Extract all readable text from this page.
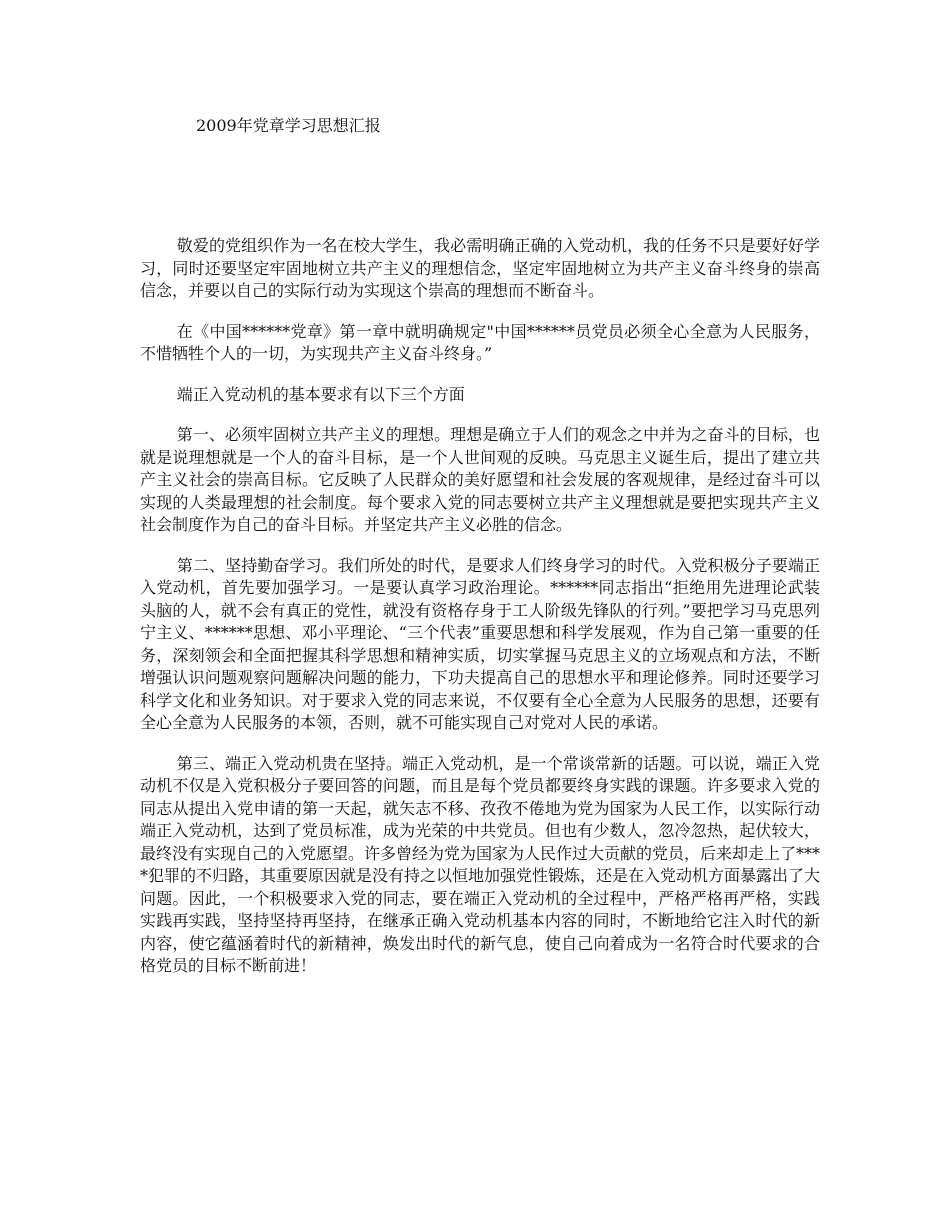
2009年党章学习思想汇报

敬爱的党组织作为一名在校大学生，我必需明确正确的入党动机，我的任务不只是要好好学习，同时还要坚定牢固地树立共产主义的理想信念，坚定牢固地树立为共产主义奋斗终身的崇高信念，并要以自己的实际行动为实现这个崇高的理想而不断奋斗。

在《中国******党章》第一章中就明确规定"中国******员党员必须全心全意为人民服务，不惜牺牲个人的一切，为实现共产主义奋斗终身。”

端正入党动机的基本要求有以下三个方面

第一、必须牢固树立共产主义的理想。理想是确立于人们的观念之中并为之奋斗的目标，也就是说理想就是一个人的奋斗目标，是一个人世间观的反映。马克思主义诞生后，提出了建立共产主义社会的崇高目标。它反映了人民群众的美好愿望和社会发展的客观规律，是经过奋斗可以实现的人类最理想的社会制度。每个要求入党的同志要树立共产主义理想就是要把实现共产主义社会制度作为自己的奋斗目标。并坚定共产主义必胜的信念。

第二、坚持勤奋学习。我们所处的时代，是要求人们终身学习的时代。入党积极分子要端正入党动机，首先要加强学习。一是要认真学习政治理论。******同志指出“拒绝用先进理论武装头脑的人，就不会有真正的党性，就没有资格存身于工人阶级先锋队的行列。”要把学习马克思列宁主义、******思想、邓小平理论、“三个代表”重要思想和科学发展观，作为自己第一重要的任务，深刻领会和全面把握其科学思想和精神实质，切实掌握马克思主义的立场观点和方法，不断增强认识问题观察问题解决问题的能力，下功夫提高自己的思想水平和理论修养。同时还要学习科学文化和业务知识。对于要求入党的同志来说，不仅要有全心全意为人民服务的思想，还要有全心全意为人民服务的本领，否则，就不可能实现自己对党对人民的承诺。

第三、端正入党动机贵在坚持。端正入党动机，是一个常谈常新的话题。可以说，端正入党动机不仅是入党积极分子要回答的问题，而且是每个党员都要终身实践的课题。许多要求入党的同志从提出入党申请的第一天起，就矢志不移、孜孜不倦地为党为国家为人民工作，以实际行动端正入党动机，达到了党员标准，成为光荣的中共党员。但也有少数人，忽冷忽热，起伏较大，最终没有实现自己的入党愿望。许多曾经为党为国家为人民作过大贡献的党员，后来却走上了****犯罪的不归路，其重要原因就是没有持之以恒地加强党性锻炼，还是在入党动机方面暴露出了大问题。因此，一个积极要求入党的同志，要在端正入党动机的全过程中，严格严格再严格，实践实践再实践，坚持坚持再坚持，在继承正确入党动机基本内容的同时，不断地给它注入时代的新内容，使它蕴涵着时代的新精神，焕发出时代的新气息，使自己向着成为一名符合时代要求的合格党员的目标不断前进！
